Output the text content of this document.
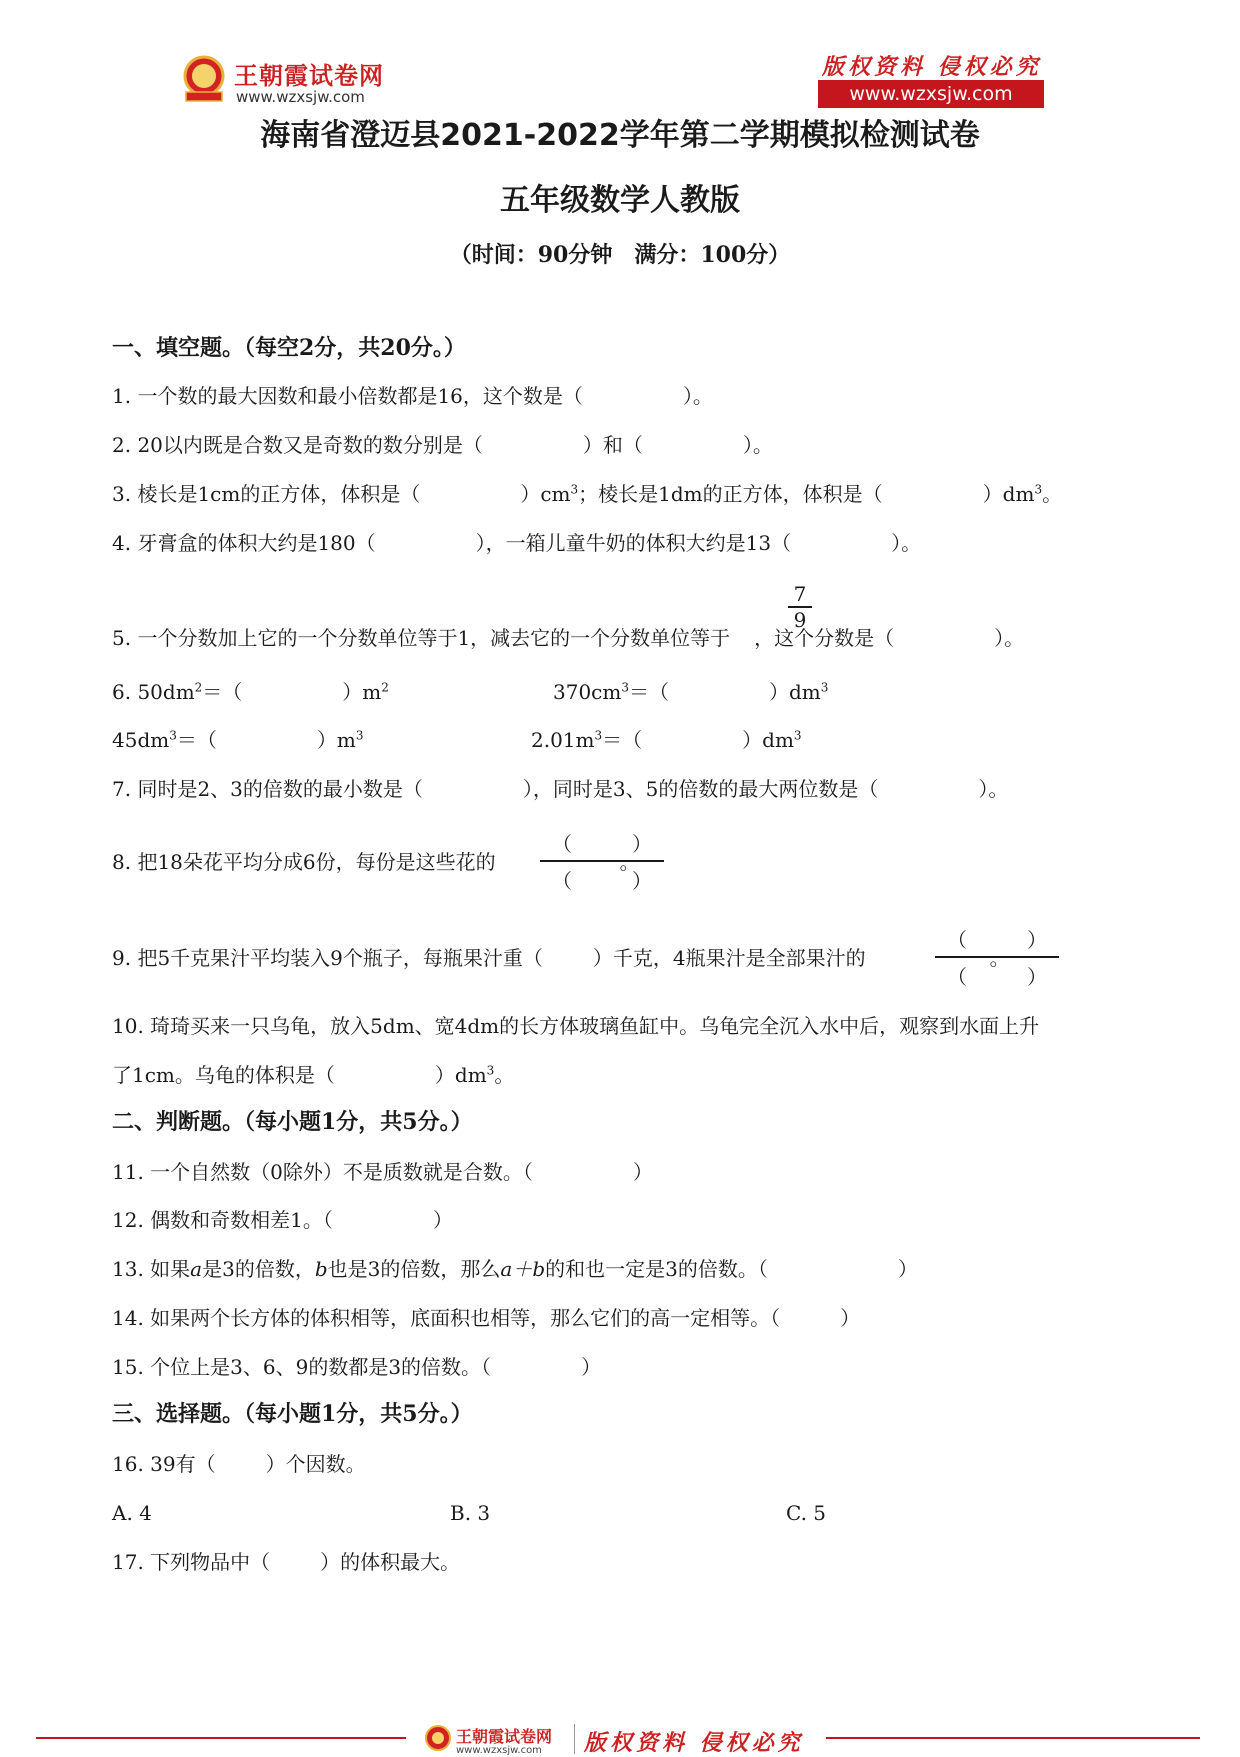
王朝霞试卷网
www.wzxsjw.com
版权资料 侵权必究
www.wzxsjw.com
海南省澄迈县2021-2022学年第二学期模拟检测试卷
五年级数学人教版
（时间：90分钟　满分：100分）
一、填空题。（每空2分，共20分。）
1. 一个数的最大因数和最小倍数都是16，这个数是（	）。
2. 20以内既是合数又是奇数的数分别是（	）和（	）。
3. 棱长是1cm的正方体，体积是（	）$cm^3$；棱长是1dm的正方体，体积是（	）$dm^3$。
4. 牙膏盒的体积大约是180（	），一箱儿童牛奶的体积大约是13（	）。
5. 一个分数加上它的一个分数单位等于1，减去它的一个分数单位等于 ，这个分数是（	）。
7
9
6. $50dm^2=$（	）$m^2$	$370cm^3=$（	）$dm^3$
$45dm^3=$（	）$m^3$	$2.01m^3=$（	）$dm^3$
7. 同时是2、3的倍数的最小数是（	），同时是3、5的倍数的最大两位数是（	）。
8. 把18朵花平均分成6份，每份是这些花的	。
（　　　）
（　　　）
9. 把5千克果汁平均装入9个瓶子，每瓶果汁重（	）千克，4瓶果汁是全部果汁的	。
（　　　）
（　　　）
10. 琦琦买来一只乌龟，放入5dm、宽4dm的长方体玻璃鱼缸中。乌龟完全沉入水中后，观察到水面上升
了1cm。乌龟的体积是（	）$dm^3$。
二、判断题。（每小题1分，共5分。）
11. 一个自然数（0除外）不是质数就是合数。（	）
12. 偶数和奇数相差1。（	）
13. 如果a是3的倍数，b也是3的倍数，那么a＋b的和也一定是3的倍数。（	）
14. 如果两个长方体的体积相等，底面积也相等，那么它们的高一定相等。（	）
15. 个位上是3、6、9的数都是3的倍数。（	）
三、选择题。（每小题1分，共5分。）
16. 39有（	）个因数。
A. 4	B. 3	C. 5
17. 下列物品中（	）的体积最大。
王朝霞试卷网
www.wzxsjw.com 版权资料 侵权必究
